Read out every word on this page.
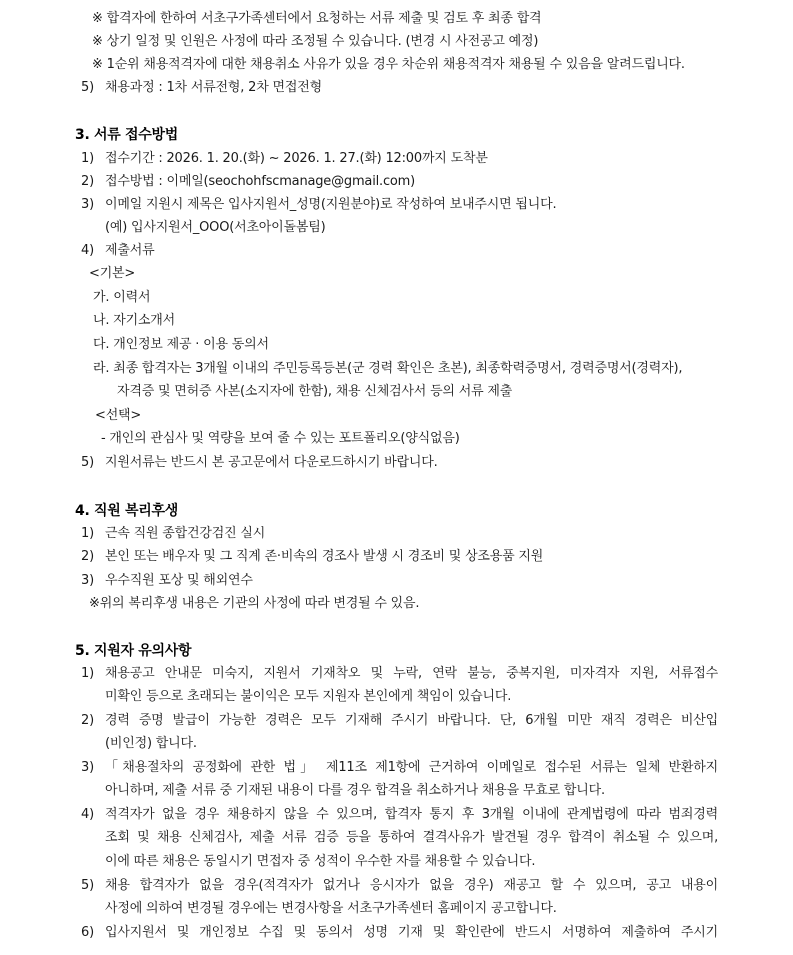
※ 합격자에 한하여 서초구가족센터에서 요청하는 서류 제출 및 검토 후 최종 합격
※ 상기 일정 및 인원은 사정에 따라 조정될 수 있습니다. (변경 시 사전공고 예정)
※ 1순위 채용적격자에 대한 채용취소 사유가 있을 경우 차순위 채용적격자 채용될 수 있음을 알려드립니다.
5) 채용과정 : 1차 서류전형, 2차 면접전형
3. 서류 접수방법
1) 접수기간 : 2026. 1. 20.(화) ~ 2026. 1. 27.(화) 12:00까지 도착분
2) 접수방법 : 이메일(seochohfscmanage@gmail.com)
3) 이메일 지원시 제목은 입사지원서_성명(지원분야)로 작성하여 보내주시면 됩니다.
(예) 입사지원서_OOO(서초아이돌봄팀)
4) 제출서류
<기본>
가. 이력서
나. 자기소개서
다. 개인정보 제공 · 이용 동의서
라. 최종 합격자는 3개월 이내의 주민등록등본(군 경력 확인은 초본), 최종학력증명서, 경력증명서(경력자),
자격증 및 면허증 사본(소지자에 한함), 채용 신체검사서 등의 서류 제출
<선택>
- 개인의 관심사 및 역량을 보여 줄 수 있는 포트폴리오(양식없음)
5) 지원서류는 반드시 본 공고문에서 다운로드하시기 바랍니다.
4. 직원 복리후생
1) 근속 직원 종합건강검진 실시
2) 본인 또는 배우자 및 그 직계 존·비속의 경조사 발생 시 경조비 및 상조용품 지원
3) 우수직원 포상 및 해외연수
※위의 복리후생 내용은 기관의 사정에 따라 변경될 수 있음.
5. 지원자 유의사항
1) 채용공고 안내문 미숙지, 지원서 기재착오 및 누락, 연락 불능, 중복지원, 미자격자 지원, 서류접수
미확인 등으로 초래되는 불이익은 모두 지원자 본인에게 책임이 있습니다.
2) 경력 증명 발급이 가능한 경력은 모두 기재해 주시기 바랍니다. 단, 6개월 미만 재직 경력은 비산입
(비인정) 합니다.
3) 「채용절차의 공정화에 관한 법」 제11조 제1항에 근거하여 이메일로 접수된 서류는 일체 반환하지
아니하며, 제출 서류 중 기재된 내용이 다를 경우 합격을 취소하거나 채용을 무효로 합니다.
4) 적격자가 없을 경우 채용하지 않을 수 있으며, 합격자 통지 후 3개월 이내에 관계법령에 따라 범죄경력
조회 및 채용 신체검사, 제출 서류 검증 등을 통하여 결격사유가 발견될 경우 합격이 취소될 수 있으며,
이에 따른 채용은 동일시기 면접자 중 성적이 우수한 자를 채용할 수 있습니다.
5) 채용 합격자가 없을 경우(적격자가 없거나 응시자가 없을 경우) 재공고 할 수 있으며, 공고 내용이
사정에 의하여 변경될 경우에는 변경사항을 서초구가족센터 홈페이지 공고합니다.
6) 입사지원서 및 개인정보 수집 및 동의서 성명 기재 및 확인란에 반드시 서명하여 제출하여 주시기
